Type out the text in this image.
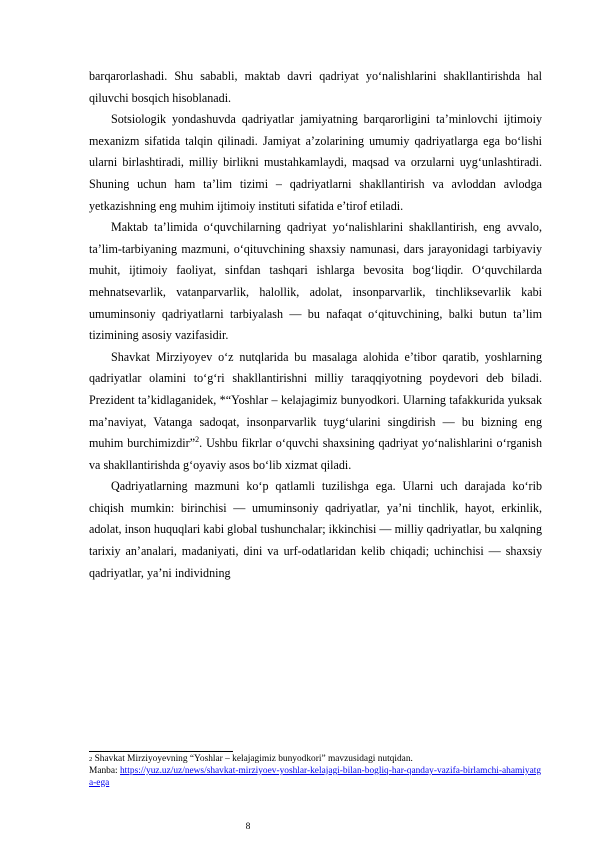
barqarorlashadi. Shu sababli, maktab davri qadriyat yo‘nalishlarini shakllantirishda hal qiluvchi bosqich hisoblanadi.

Sotsiologik yondashuvda qadriyatlar jamiyatning barqarorligini ta’minlovchi ijtimoiy mexanizm sifatida talqin qilinadi. Jamiyat a’zolarining umumiy qadriyatlarga ega bo‘lishi ularni birlashtiradi, milliy birlikni mustahkamlaydi, maqsad va orzularni uyg‘unlashtiradi. Shuning uchun ham ta’lim tizimi – qadriyatlarni shakllantirish va avloddan avlodga yetkazishning eng muhim ijtimoiy instituti sifatida e’tirof etiladi.

Maktab ta’limida o‘quvchilarning qadriyat yo‘nalishlarini shakllantirish, eng avvalo, ta’lim-tarbiyaning mazmuni, o‘qituvchining shaxsiy namunasi, dars jarayonidagi tarbiyaviy muhit, ijtimoiy faoliyat, sinfdan tashqari ishlarga bevosita bog‘liqdir. O‘quvchilarda mehnatsevarlik, vatanparvarlik, halollik, adolat, insonparvarlik, tinchliksevarlik kabi umuminsoniy qadriyatlarni tarbiyalash — bu nafaqat o‘qituvchining, balki butun ta’lim tizimining asosiy vazifasidir.

Shavkat Mirziyoyev o‘z nutqlarida bu masalaga alohida e’tibor qaratib, yoshlarning qadriyatlar olamini to‘g‘ri shakllantirishni milliy taraqqiyotning poydevori deb biladi. Prezident ta’kidlaganidek, *“Yoshlar – kelajagimiz bunyodkori. Ularning tafakkurida yuksak ma’naviyat, Vatanga sadoqat, insonparvarlik tuyg‘ularini singdirish — bu bizning eng muhim burchimizdir”$^2$. Ushbu fikrlar o‘quvchi shaxsining qadriyat yo‘nalishlarini o‘rganish va shakllantirishda g‘oyaviy asos bo‘lib xizmat qiladi.

Qadriyatlarning mazmuni ko‘p qatlamli tuzilishga ega. Ularni uch darajada ko‘rib chiqish mumkin: birinchisi — umuminsoniy qadriyatlar, ya’ni tinchlik, hayot, erkinlik, adolat, inson huquqlari kabi global tushunchalar; ikkinchisi — milliy qadriyatlar, bu xalqning tarixiy an’analari, madaniyati, dini va urf-odatlaridan kelib chiqadi; uchinchisi — shaxsiy qadriyatlar, ya’ni individning

$^2$ Shavkat Mirziyoyevning “Yoshlar – kelajagimiz bunyodkori” mavzusidagi nutqidan.
Manba: https://yuz.uz/uz/news/shavkat-mirziyoev-yoshlar-kelajagi-bilan-bogliq-har-qanday-vazifa-birlamchi-ahamiyatga-ega
8
